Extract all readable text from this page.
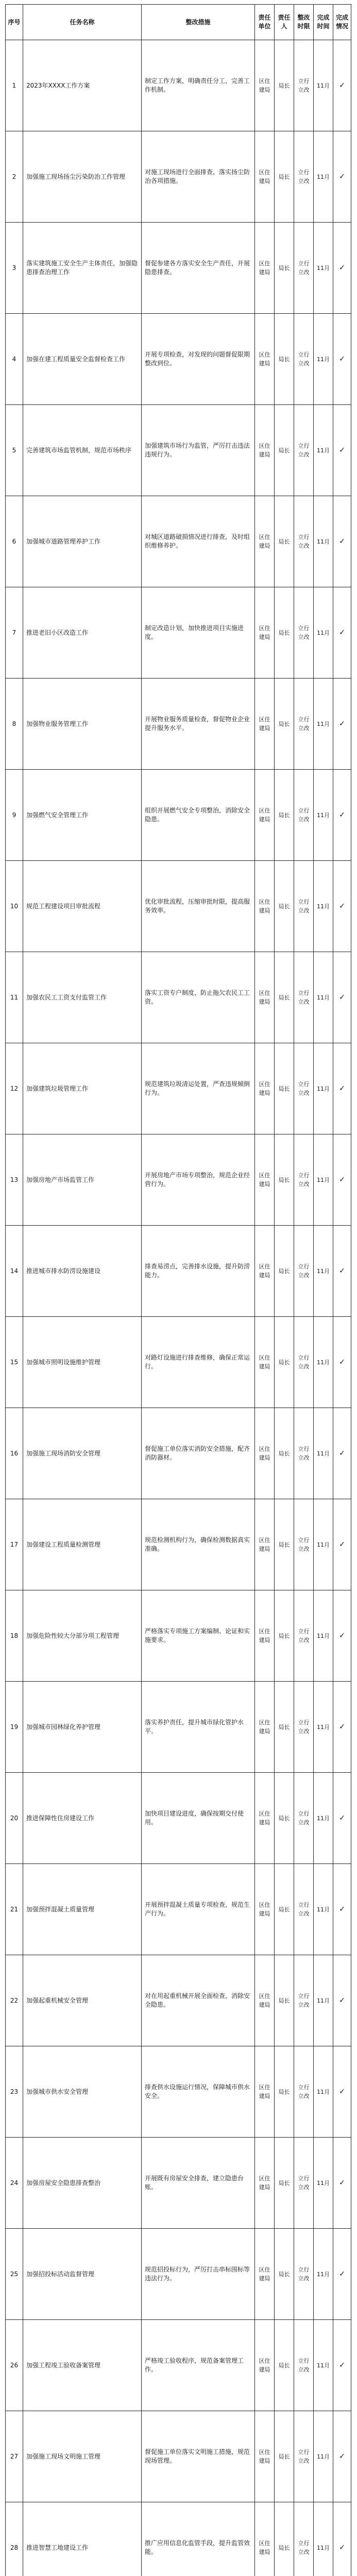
序号	任务名称	整改措施	责任单位	责任人	整改时限	完成时间	完成情况
1	2023年XXXX工作方案	制定工作方案，明确责任分工，完善工作机制。	区住建局	局长	立行立改	11月	✓
2	加强施工现场扬尘污染防治工作管理	对施工现场进行全面排查，落实扬尘防治各项措施。	区住建局	局长	立行立改	11月	✓
3	落实建筑施工安全生产主体责任，加强隐患排查治理工作	督促参建各方落实安全生产责任，开展隐患排查。	区住建局	局长	立行立改	11月	✓
4	加强在建工程质量安全监督检查工作	开展专项检查，对发现的问题督促限期整改到位。	区住建局	局长	立行立改	11月	✓
5	完善建筑市场监管机制，规范市场秩序	加强建筑市场行为监管，严厉打击违法违规行为。	区住建局	局长	立行立改	11月	✓
6	加强城市道路管理养护工作	对城区道路破损情况进行排查，及时组织维修养护。	区住建局	局长	立行立改	11月	✓
7	推进老旧小区改造工作	制定改造计划，加快推进项目实施进度。	区住建局	局长	立行立改	11月	✓
8	加强物业服务管理工作	开展物业服务质量检查，督促物业企业提升服务水平。	区住建局	局长	立行立改	11月	✓
9	加强燃气安全管理工作	组织开展燃气安全专项整治，消除安全隐患。	区住建局	局长	立行立改	11月	✓
10	规范工程建设项目审批流程	优化审批流程，压缩审批时限，提高服务效率。	区住建局	局长	立行立改	11月	✓
11	加强农民工工资支付监管工作	落实工资专户制度，防止拖欠农民工工资。	区住建局	局长	立行立改	11月	✓
12	加强建筑垃圾管理工作	规范建筑垃圾清运处置，严查违规倾倒行为。	区住建局	局长	立行立改	11月	✓
13	加强房地产市场监管工作	开展房地产市场专项整治，规范企业经营行为。	区住建局	局长	立行立改	11月	✓
14	推进城市排水防涝设施建设	排查易涝点，完善排水设施，提升防涝能力。	区住建局	局长	立行立改	11月	✓
15	加强城市照明设施维护管理	对路灯设施进行排查维修，确保正常运行。	区住建局	局长	立行立改	11月	✓
16	加强施工现场消防安全管理	督促施工单位落实消防安全措施，配齐消防器材。	区住建局	局长	立行立改	11月	✓
17	加强建设工程质量检测管理	规范检测机构行为，确保检测数据真实准确。	区住建局	局长	立行立改	11月	✓
18	加强危险性较大分部分项工程管理	严格落实专项施工方案编制、论证和实施要求。	区住建局	局长	立行立改	11月	✓
19	加强城市园林绿化养护管理	落实养护责任，提升城市绿化管护水平。	区住建局	局长	立行立改	11月	✓
20	推进保障性住房建设工作	加快项目建设进度，确保按期交付使用。	区住建局	局长	立行立改	11月	✓
21	加强预拌混凝土质量管理	开展预拌混凝土质量专项检查，规范生产行为。	区住建局	局长	立行立改	11月	✓
22	加强起重机械安全管理	对在用起重机械开展全面检查，消除安全隐患。	区住建局	局长	立行立改	11月	✓
23	加强城市供水安全管理	排查供水设施运行情况，保障城市供水安全。	区住建局	局长	立行立改	11月	✓
24	加强房屋安全隐患排查整治	开展既有房屋安全排查，建立隐患台账。	区住建局	局长	立行立改	11月	✓
25	加强招投标活动监督管理	规范招投标行为，严厉打击串标围标等违法行为。	区住建局	局长	立行立改	11月	✓
26	加强工程竣工验收备案管理	严格竣工验收程序，规范备案管理工作。	区住建局	局长	立行立改	11月	✓
27	加强施工现场文明施工管理	督促施工单位落实文明施工措施，规范现场管理。	区住建局	局长	立行立改	11月	✓
28	推进智慧工地建设工作	推广应用信息化监管手段，提升监管效能。	区住建局	局长	立行立改	11月	✓
